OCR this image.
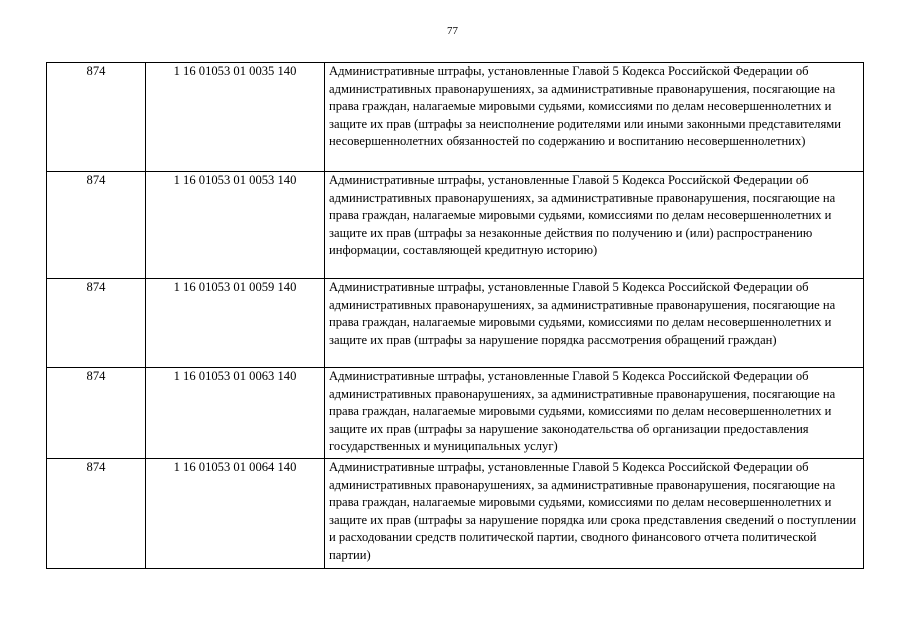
77
874	1 16 01053 01 0035 140	Административные штрафы, установленные Главой 5 Кодекса Российской Федерации об административных правонарушениях, за административные правонарушения, посягающие на права граждан, налагаемые мировыми судьями, комиссиями по делам несовершеннолетних и защите их прав (штрафы за неисполнение родителями или иными законными представителями несовершеннолетних обязанностей по содержанию и воспитанию несовершеннолетних)
874	1 16 01053 01 0053 140	Административные штрафы, установленные Главой 5 Кодекса Российской Федерации об административных правонарушениях, за административные правонарушения, посягающие на права граждан, налагаемые мировыми судьями, комиссиями по делам несовершеннолетних и защите их прав (штрафы за незаконные действия по получению и (или) распространению информации, составляющей кредитную историю)
874	1 16 01053 01 0059 140	Административные штрафы, установленные Главой 5 Кодекса Российской Федерации об административных правонарушениях, за административные правонарушения, посягающие на права граждан, налагаемые мировыми судьями, комиссиями по делам несовершеннолетних и защите их прав (штрафы за нарушение порядка рассмотрения обращений граждан)
874	1 16 01053 01 0063 140	Административные штрафы, установленные Главой 5 Кодекса Российской Федерации об административных правонарушениях, за административные правонарушения, посягающие на права граждан, налагаемые мировыми судьями, комиссиями по делам несовершеннолетних и защите их прав (штрафы за нарушение законодательства об организации предоставления государственных и муниципальных услуг)
874	1 16 01053 01 0064 140	Административные штрафы, установленные Главой 5 Кодекса Российской Федерации об административных правонарушениях, за административные правонарушения, посягающие на права граждан, налагаемые мировыми судьями, комиссиями по делам несовершеннолетних и защите их прав (штрафы за нарушение порядка или срока представления сведений о поступлении и расходовании средств политической партии, сводного финансового отчета политической партии)
